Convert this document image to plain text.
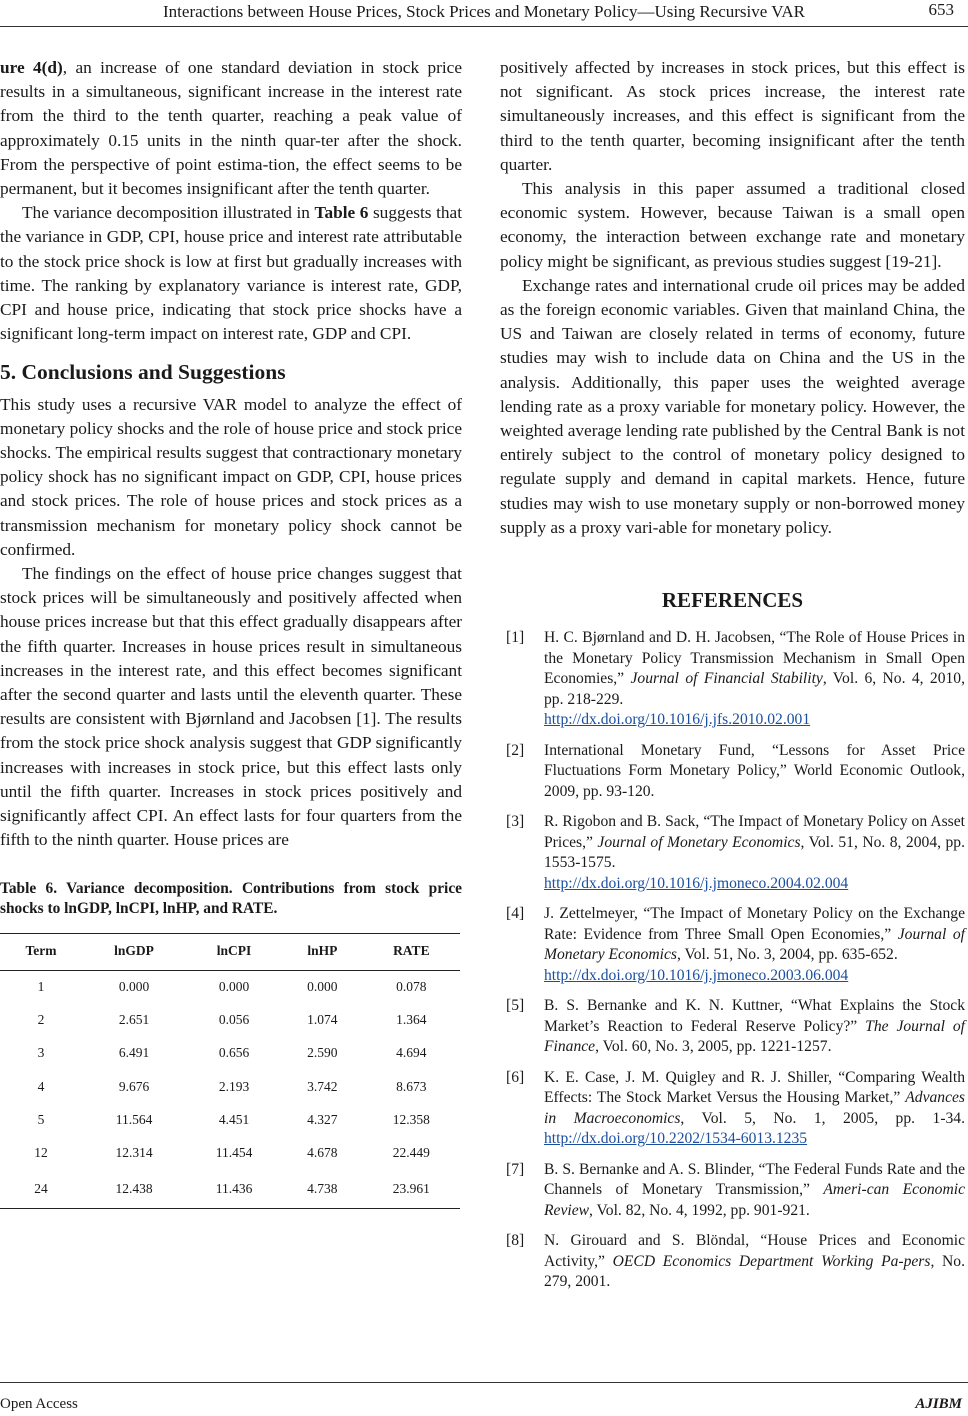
Interactions between House Prices, Stock Prices and Monetary Policy—Using Recursive VAR	653

ure 4(d), an increase of one standard deviation in stock price results in a simultaneous, significant increase in the interest rate from the third to the tenth quarter, reaching a peak value of approximately 0.15 units in the ninth quar-ter after the shock. From the perspective of point estima-tion, the effect seems to be permanent, but it becomes insignificant after the tenth quarter.

The variance decomposition illustrated in Table 6 suggests that the variance in GDP, CPI, house price and interest rate attributable to the stock price shock is low at first but gradually increases with time. The ranking by explanatory variance is interest rate, GDP, CPI and house price, indicating that stock price shocks have a significant long-term impact on interest rate, GDP and CPI.

5. Conclusions and Suggestions

This study uses a recursive VAR model to analyze the effect of monetary policy shocks and the role of house price and stock price shocks. The empirical results suggest that contractionary monetary policy shock has no significant impact on GDP, CPI, house prices and stock prices. The role of house prices and stock prices as a transmission mechanism for monetary policy shock cannot be confirmed.

The findings on the effect of house price changes suggest that stock prices will be simultaneously and positively affected when house prices increase but that this effect gradually disappears after the fifth quarter. Increases in house prices result in simultaneous increases in the interest rate, and this effect becomes significant after the second quarter and lasts until the eleventh quarter. These results are consistent with Bjørnland and Jacobsen [1]. The results from the stock price shock analysis suggest that GDP significantly increases with increases in stock price, but this effect lasts only until the fifth quarter. Increases in stock prices positively and significantly affect CPI. An effect lasts for four quarters from the fifth to the ninth quarter. House prices are

Table 6. Variance decomposition. Contributions from stock price shocks to lnGDP, lnCPI, lnHP, and RATE.
Term	lnGDP	lnCPI	lnHP	RATE
1	0.000	0.000	0.000	0.078
2	2.651	0.056	1.074	1.364
3	6.491	0.656	2.590	4.694
4	9.676	2.193	3.742	8.673
5	11.564	4.451	4.327	12.358
12	12.314	11.454	4.678	22.449
24	12.438	11.436	4.738	23.961

positively affected by increases in stock prices, but this effect is not significant. As stock prices increase, the interest rate simultaneously increases, and this effect is significant from the third to the tenth quarter, becoming insignificant after the tenth quarter.

This analysis in this paper assumed a traditional closed economic system. However, because Taiwan is a small open economy, the interaction between exchange rate and monetary policy might be significant, as previous studies suggest [19-21].

Exchange rates and international crude oil prices may be added as the foreign economic variables. Given that mainland China, the US and Taiwan are closely related in terms of economy, future studies may wish to include data on China and the US in the analysis. Additionally, this paper uses the weighted average lending rate as a proxy variable for monetary policy. However, the weighted average lending rate published by the Central Bank is not entirely subject to the control of monetary policy designed to regulate supply and demand in capital markets. Hence, future studies may wish to use monetary supply or non-borrowed money supply as a proxy vari-able for monetary policy.

REFERENCES
[1] H. C. Bjørnland and D. H. Jacobsen, “The Role of House Prices in the Monetary Policy Transmission Mechanism in Small Open Economies,” Journal of Financial Stability, Vol. 6, No. 4, 2010, pp. 218-229.
http://dx.doi.org/10.1016/j.jfs.2010.02.001
[2] International Monetary Fund, “Lessons for Asset Price Fluctuations Form Monetary Policy,” World Economic Outlook, 2009, pp. 93-120.
[3] R. Rigobon and B. Sack, “The Impact of Monetary Policy on Asset Prices,” Journal of Monetary Economics, Vol. 51, No. 8, 2004, pp. 1553-1575.
http://dx.doi.org/10.1016/j.jmoneco.2004.02.004
[4] J. Zettelmeyer, “The Impact of Monetary Policy on the Exchange Rate: Evidence from Three Small Open Economies,” Journal of Monetary Economics, Vol. 51, No. 3, 2004, pp. 635-652.
http://dx.doi.org/10.1016/j.jmoneco.2003.06.004
[5] B. S. Bernanke and K. N. Kuttner, “What Explains the Stock Market’s Reaction to Federal Reserve Policy?” The Journal of Finance, Vol. 60, No. 3, 2005, pp. 1221-1257.
[6] K. E. Case, J. M. Quigley and R. J. Shiller, “Comparing Wealth Effects: The Stock Market Versus the Housing Market,” Advances in Macroeconomics, Vol. 5, No. 1, 2005, pp. 1-34. http://dx.doi.org/10.2202/1534-6013.1235
[7] B. S. Bernanke and A. S. Blinder, “The Federal Funds Rate and the Channels of Monetary Transmission,” Ameri-can Economic Review, Vol. 82, No. 4, 1992, pp. 901-921.
[8] N. Girouard and S. Blöndal, “House Prices and Economic Activity,” OECD Economics Department Working Pa-pers, No. 279, 2001.
Open Access	AJIBM
